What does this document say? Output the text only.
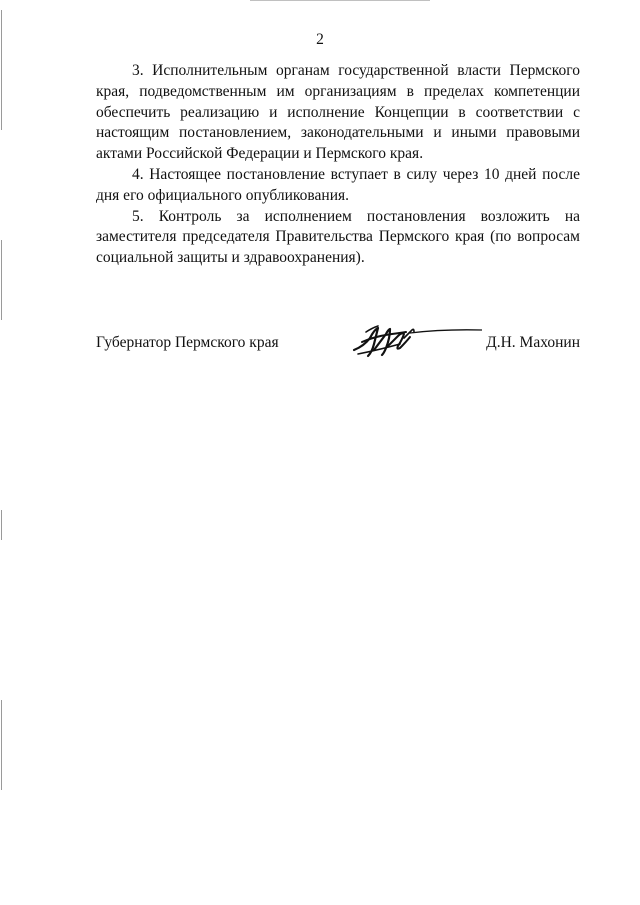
2

3. Исполнительным органам государственной власти Пермского края, подведомственным им организациям в пределах компетенции обеспечить реализацию и исполнение Концепции в соответствии с настоящим постановлением, законодательными и иными правовыми актами Российской Федерации и Пермского края.

4. Настоящее постановление вступает в силу через 10 дней после дня его официального опубликования.

5. Контроль за исполнением постановления возложить на заместителя председателя Правительства Пермского края (по вопросам социальной защиты и здравоохранения).

Губернатор Пермского края	Д.Н. Махонин
